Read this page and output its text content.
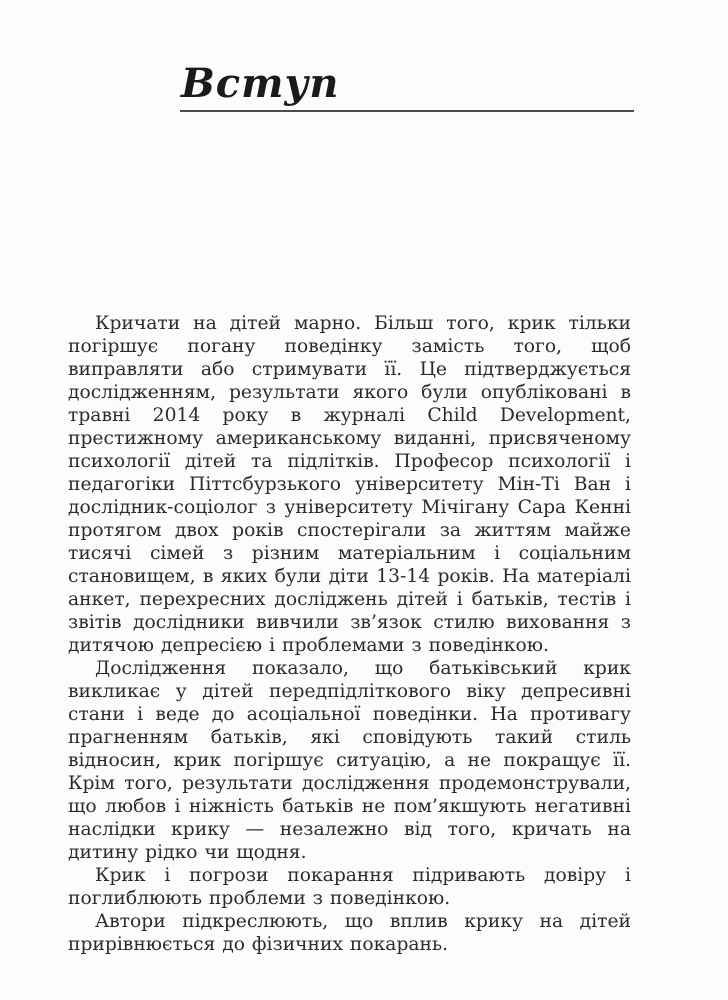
Вступ

Кричати на дітей марно. Більш того, крик тільки погіршує погану поведінку замість того, щоб виправляти або стримувати її. Це підтверджується дослідженням, результати якого були опубліковані в травні 2014 року в журналі Child Development, престижному американському виданні, присвяченому психології дітей та підлітків. Професор психології і педагогіки Піттсбурзького університету Мін-Ті Ван і дослідник-соціолог з університету Мічігану Сара Кенні протягом двох років спостерігали за життям майже тисячі сімей з різним матеріальним і соціальним становищем, в яких були діти 13-14 років. На матеріалі анкет, перехресних досліджень дітей і батьків, тестів і звітів дослідники вивчили зв’язок стилю виховання з дитячою депресією і проблемами з поведінкою.

Дослідження показало, що батьківський крик викликає у дітей передпідліткового віку депресивні стани і веде до асоціальної поведінки. На противагу прагненням батьків, які сповідують такий стиль відносин, крик погіршує ситуацію, а не покращує її. Крім того, результати дослідження продемонстрували, що любов і ніжність батьків не пом’якшують негативні наслідки крику — незалежно від того, кричать на дитину рідко чи щодня.

Крик і погрози покарання підривають довіру і поглиблюють проблеми з поведінкою.

Автори підкреслюють, що вплив крику на дітей прирівнюється до фізичних покарань.
